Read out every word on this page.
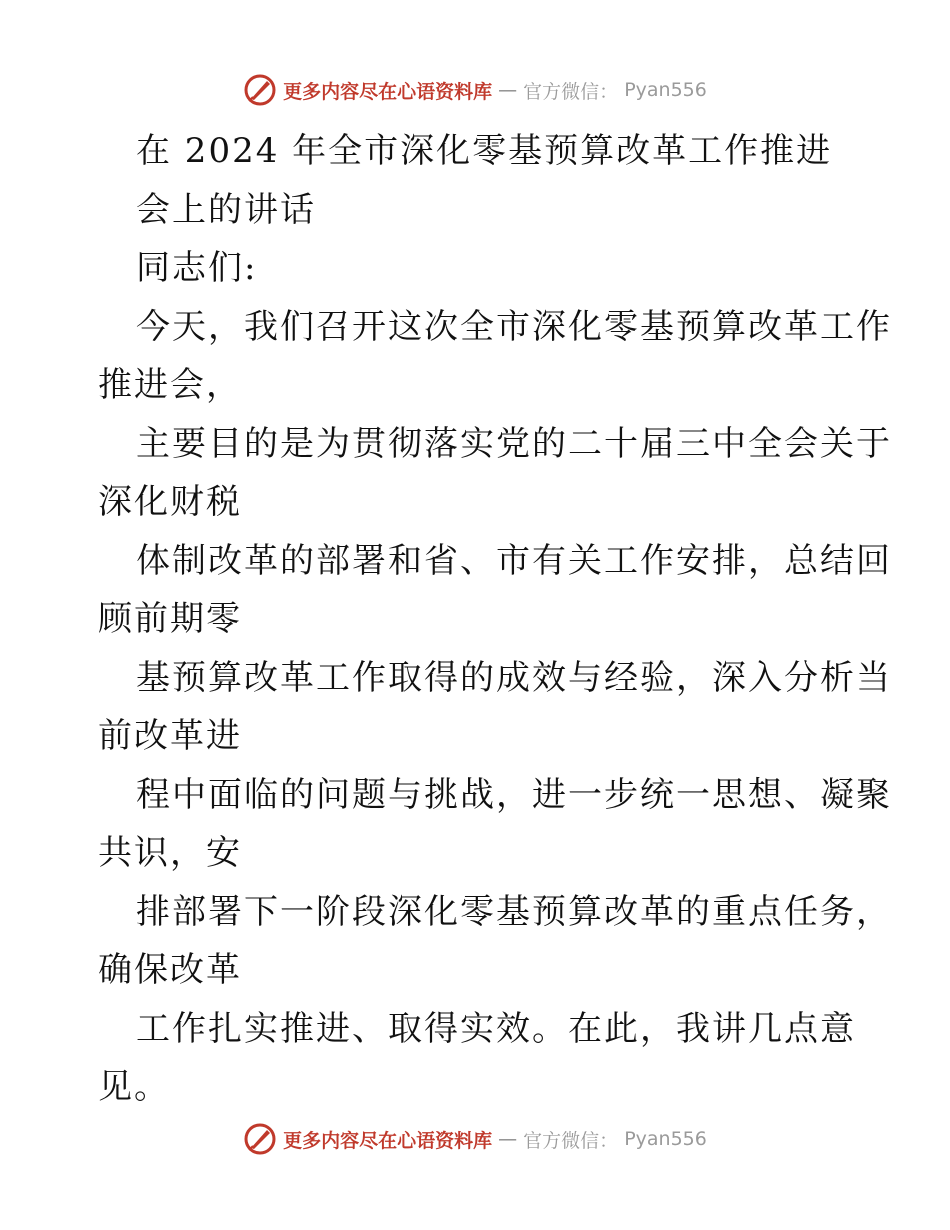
更多内容尽在心语资料库 — 官方微信： Pyan556
在 2024 年全市深化零基预算改革工作推进
会上的讲话
同志们:
今天，我们召开这次全市深化零基预算改革工作
推进会，
主要目的是为贯彻落实党的二十届三中全会关于
深化财税
体制改革的部署和省、市有关工作安排，总结回
顾前期零
基预算改革工作取得的成效与经验，深入分析当
前改革进
程中面临的问题与挑战，进一步统一思想、凝聚
共识，安
排部署下一阶段深化零基预算改革的重点任务，
确保改革
工作扎实推进、取得实效。在此，我讲几点意
见。
更多内容尽在心语资料库 — 官方微信： Pyan556
